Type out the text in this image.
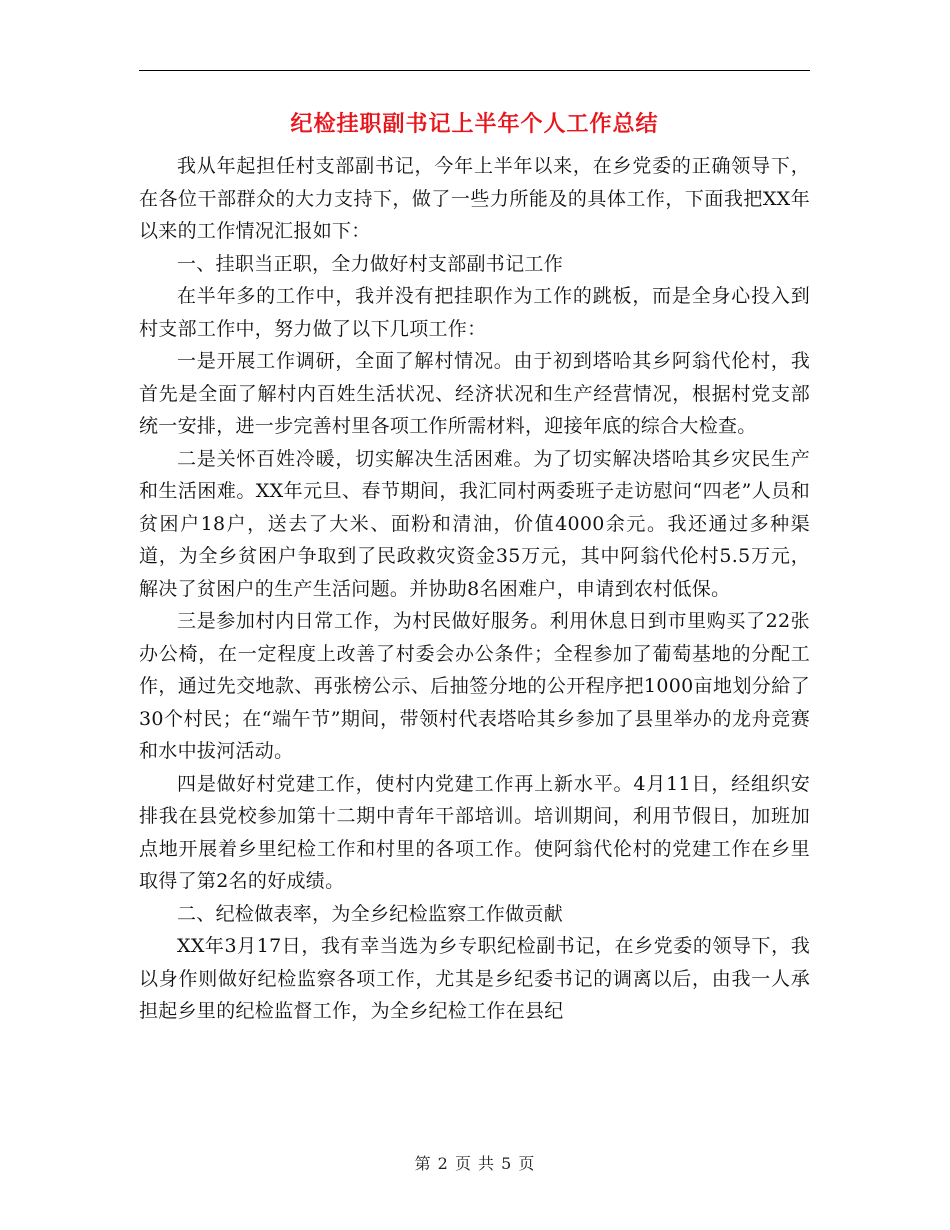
纪检挂职副书记上半年个人工作总结

我从年起担任村支部副书记，今年上半年以来，在乡党委的正确领导下，在各位干部群众的大力支持下，做了一些力所能及的具体工作，下面我把XX年以来的工作情况汇报如下：

一、挂职当正职，全力做好村支部副书记工作

在半年多的工作中，我并没有把挂职作为工作的跳板，而是全身心投入到村支部工作中，努力做了以下几项工作：

一是开展工作调研，全面了解村情况。由于初到塔哈其乡阿翁代伦村，我首先是全面了解村内百姓生活状况、经济状况和生产经营情况，根据村党支部统一安排，进一步完善村里各项工作所需材料，迎接年底的综合大检查。

二是关怀百姓冷暖，切实解决生活困难。为了切实解决塔哈其乡灾民生产和生活困难。XX年元旦、春节期间，我汇同村两委班子走访慰问“四老”人员和贫困户18户，送去了大米、面粉和清油，价值4000余元。我还通过多种渠道，为全乡贫困户争取到了民政救灾资金35万元，其中阿翁代伦村5.5万元，解决了贫困户的生产生活问题。并协助8名困难户，申请到农村低保。

三是参加村内日常工作，为村民做好服务。利用休息日到市里购买了22张办公椅，在一定程度上改善了村委会办公条件；全程参加了葡萄基地的分配工作，通过先交地款、再张榜公示、后抽签分地的公开程序把1000亩地划分給了30个村民；在“端午节”期间，带领村代表塔哈其乡参加了县里举办的龙舟竞赛和水中拔河活动。

四是做好村党建工作，使村内党建工作再上新水平。4月11日，经组织安排我在县党校参加第十二期中青年干部培训。培训期间，利用节假日，加班加点地开展着乡里纪检工作和村里的各项工作。使阿翁代伦村的党建工作在乡里取得了第2名的好成绩。

二、纪检做表率，为全乡纪检监察工作做贡献

XX年3月17日，我有幸当选为乡专职纪检副书记，在乡党委的领导下，我以身作则做好纪检监察各项工作，尤其是乡纪委书记的调离以后，由我一人承担起乡里的纪检监督工作，为全乡纪检工作在县纪

第 2 页 共 5 页
